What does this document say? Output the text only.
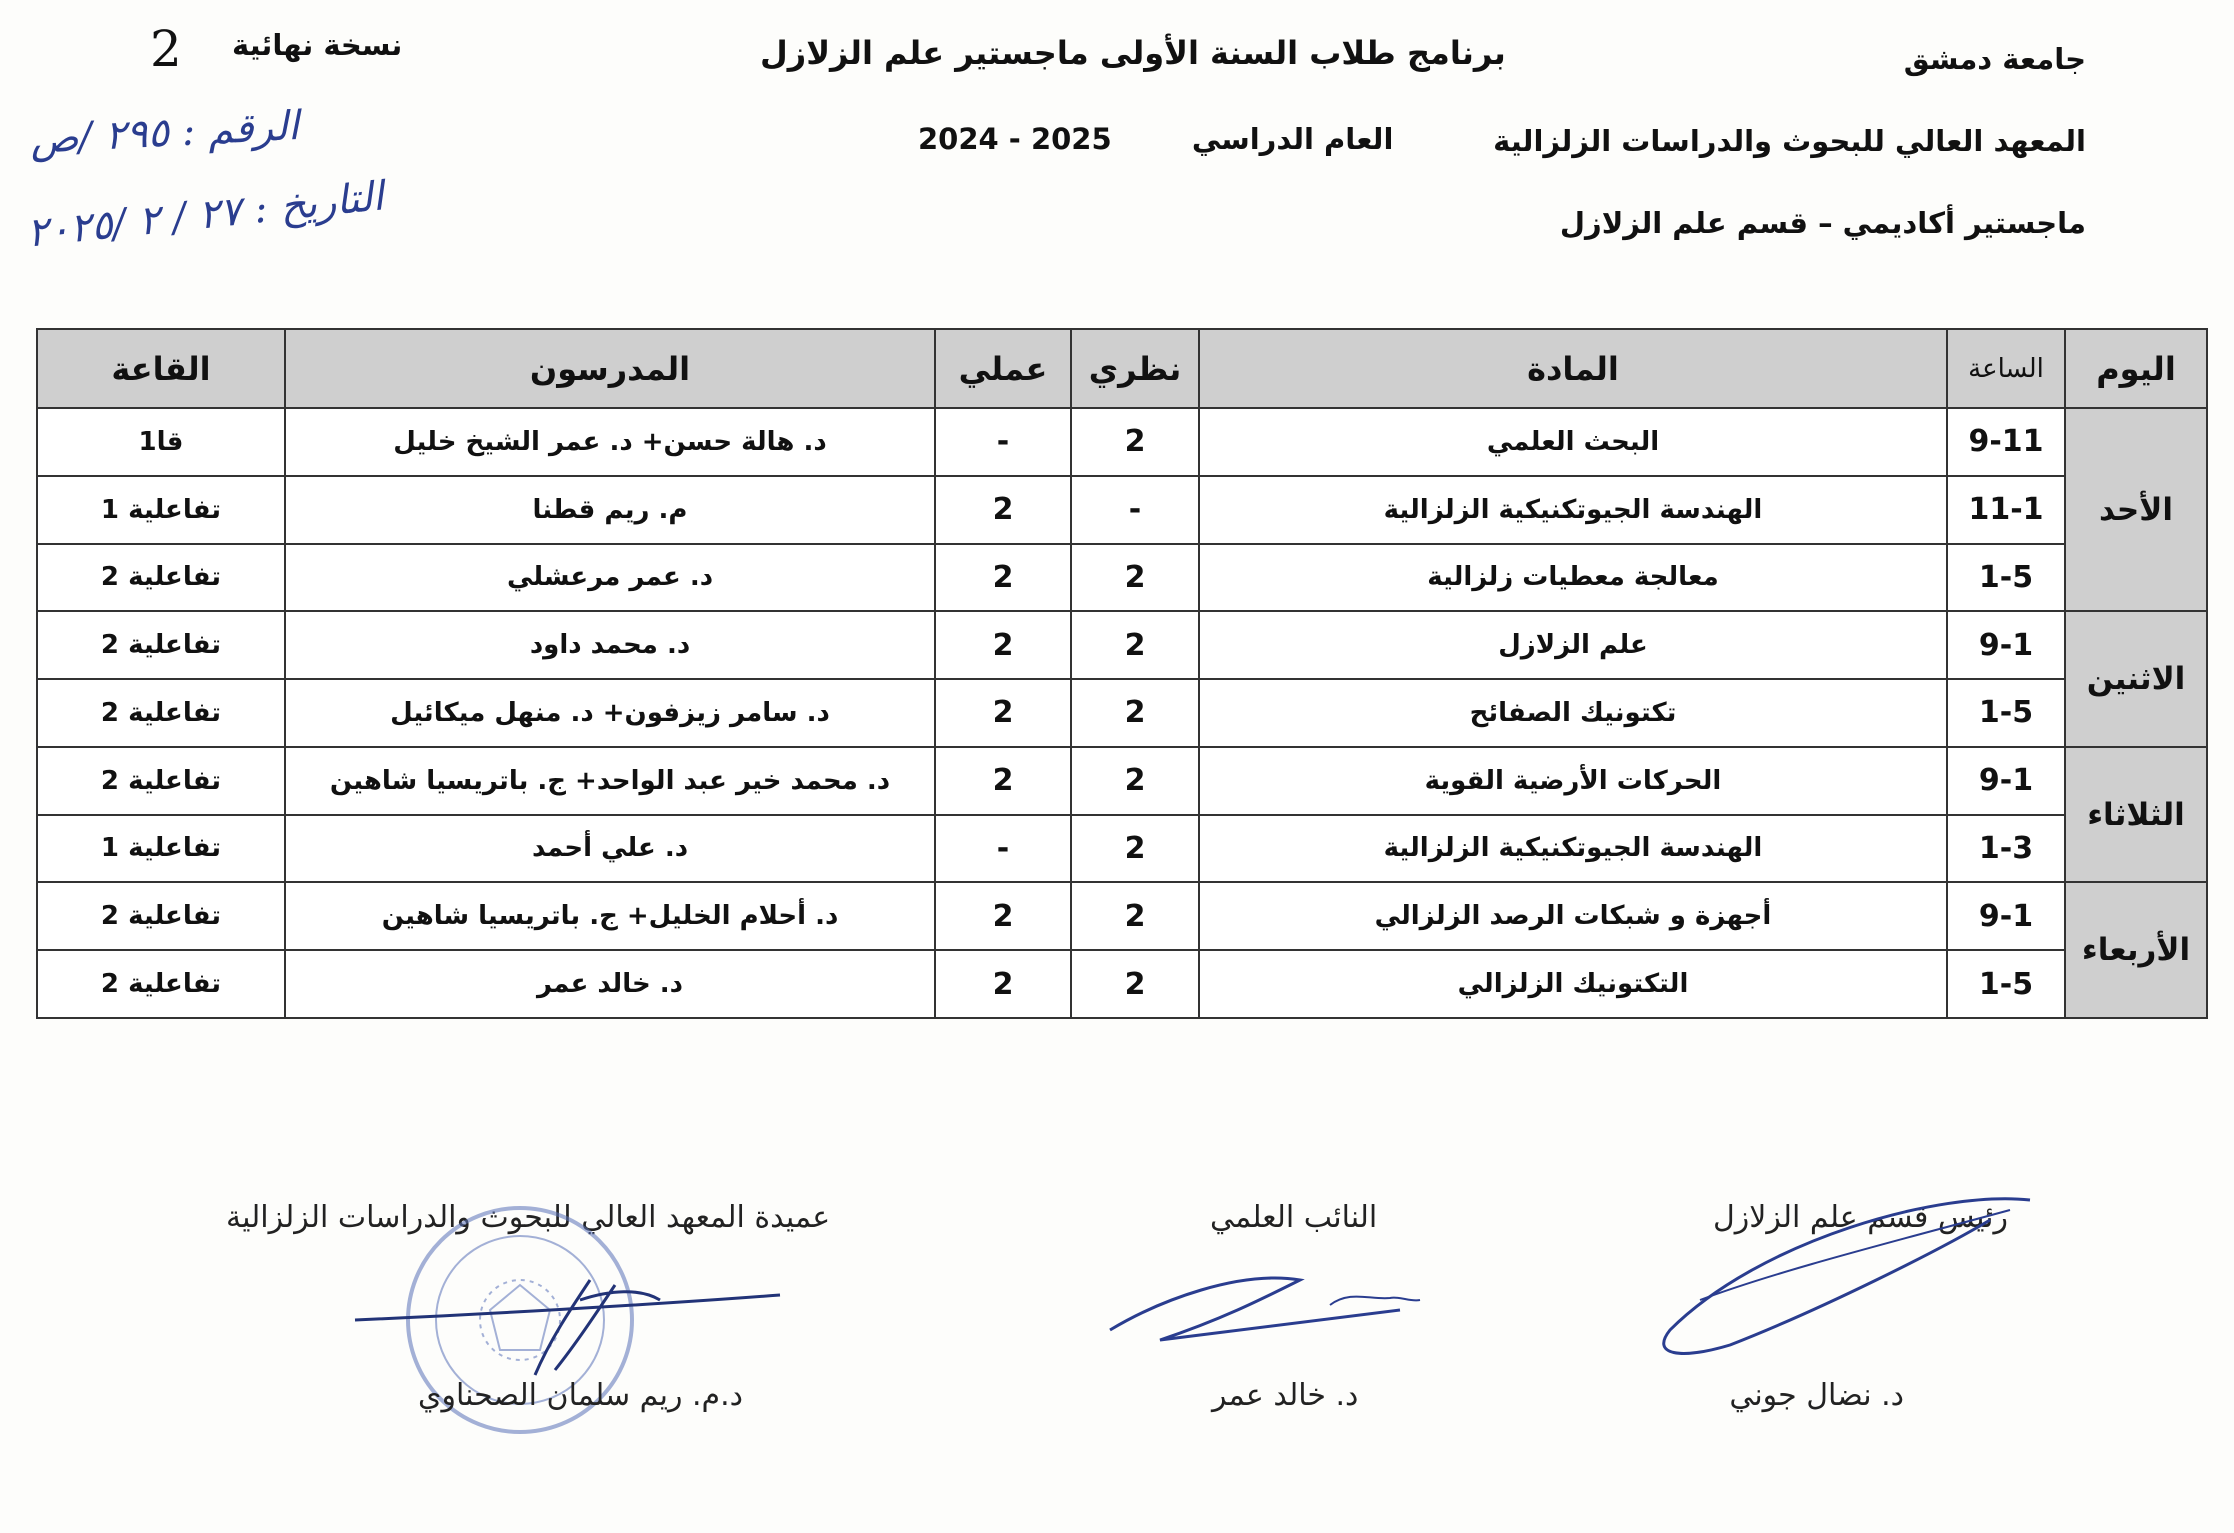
جامعة دمشق
المعهد العالي للبحوث والدراسات الزلزالية
ماجستير أكاديمي – قسم علم الزلازل
برنامج طلاب السنة الأولى ماجستير علم الزلازل
2024 - 2025	العام الدراسي
نسخة نهائية
2
الرقم : ٢٩٥ /ص
التاريخ : ٢٧ / ٢ /٢٠٢٥
اليوم	الساعة	المادة	نظري	عملي	المدرسون	القاعة
الأحد	9-11	البحث العلمي	2	-	د. هالة حسن+ د. عمر الشيخ خليل	قا1
	11-1	الهندسة الجيوتكنيكية الزلزالية	-	2	م. ريم قطنا	تفاعلية 1
	1-5	معالجة معطيات زلزالية	2	2	د. عمر مرعشلي	تفاعلية 2
الاثنين	9-1	علم الزلازل	2	2	د. محمد داود	تفاعلية 2
	1-5	تكتونيك الصفائح	2	2	د. سامر زيزفون+ د. منهل ميكائيل	تفاعلية 2
الثلاثاء	9-1	الحركات الأرضية القوية	2	2	د. محمد خير عبد الواحد+ ج. باتريسيا شاهين	تفاعلية 2
	1-3	الهندسة الجيوتكنيكية الزلزالية	2	-	د. علي أحمد	تفاعلية 1
الأربعاء	9-1	أجهزة و شبكات الرصد الزلزالي	2	2	د. أحلام الخليل+ ج. باتريسيا شاهين	تفاعلية 2
	1-5	التكتونيك الزلزالي	2	2	د. خالد عمر	تفاعلية 2
رئيس قسم علم الزلازل
د. نضال جوني
النائب العلمي
د. خالد عمر
عميدة المعهد العالي للبحوث والدراسات الزلزالية
د.م. ريم سلمان الصحناوي
